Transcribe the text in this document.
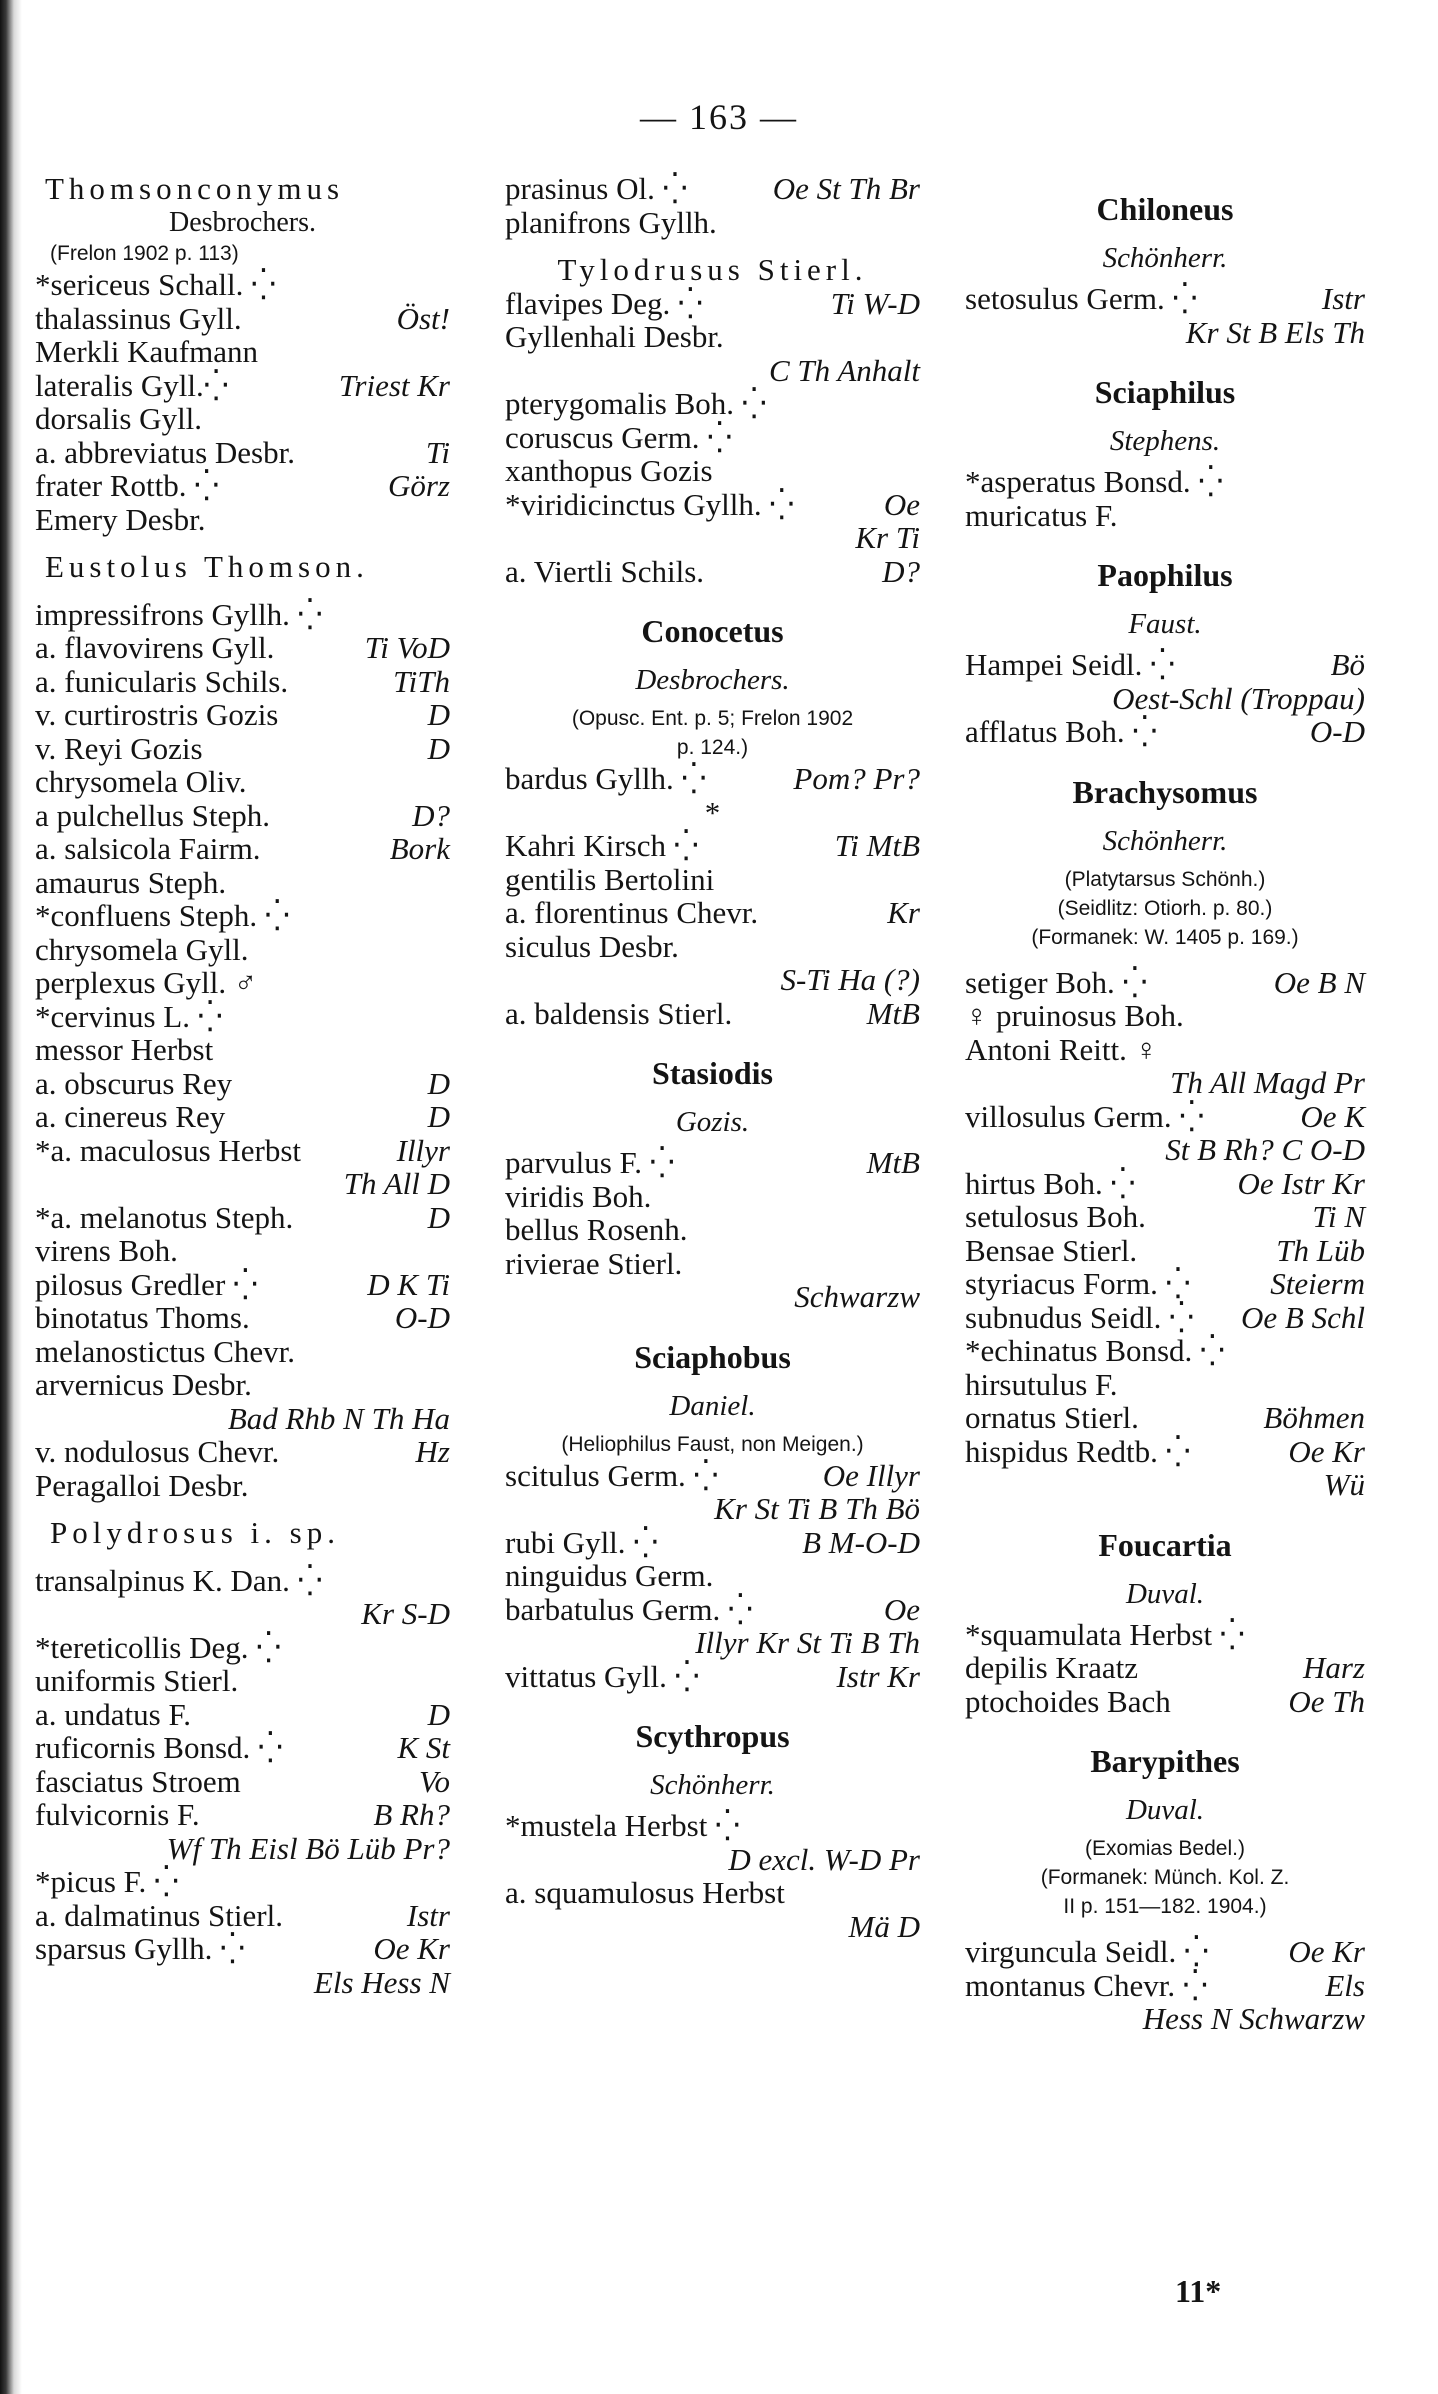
— 163 —
Thomsonconymus
Desbrochers.
(Frelon 1902 p. 113)
*sericeus Schall. ⁛
thalassinus Gyll.	Öst!
Merkli Kaufmann
lateralis Gyll.⁛	Triest Kr
dorsalis Gyll.
a. abbreviatus Desbr.	Ti
frater Rottb. ⁛	Görz
Emery Desbr.
Eustolus Thomson.
impressifrons Gyllh. ⁛
a. flavovirens Gyll.	Ti VoD
a. funicularis Schils.	TiTh
v. curtirostris Gozis	D
v. Reyi Gozis	D
chrysomela Oliv.
a pulchellus Steph.	D?
a. salsicola Fairm.	Bork
amaurus Steph.
*confluens Steph. ⁛
chrysomela Gyll.
perplexus Gyll. ♂
*cervinus L. ⁛
messor Herbst
a. obscurus Rey	D
a. cinereus Rey	D
*a. maculosus Herbst	Illyr
Th All D
*a. melanotus Steph.	D
virens Boh.
pilosus Gredler ⁛	D K Ti
binotatus Thoms.	O-D
melanostictus Chevr.
arvernicus Desbr.
Bad Rhb N Th Ha
v. nodulosus Chevr.	Hz
Peragalloi Desbr.
Polydrosus i. sp.
transalpinus K. Dan. ⁛
Kr S-D
*tereticollis Deg. ⁛
uniformis Stierl.
a. undatus F.	D
ruficornis Bonsd. ⁛	K St
fasciatus Stroem	Vo
fulvicornis F.	B Rh?
Wf Th Eisl Bö Lüb Pr?
*picus F. ⁛
a. dalmatinus Stierl.	Istr
sparsus Gyllh. ⁛	Oe Kr
Els Hess N
prasinus Ol. ⁛	Oe St Th Br
planifrons Gyllh.
Tylodrusus Stierl.
flavipes Deg. ⁛	Ti W-D
Gyllenhali Desbr.
C Th Anhalt
pterygomalis Boh. ⁛
coruscus Germ. ⁛
xanthopus Gozis
*viridicinctus Gyllh. ⁛	Oe
Kr Ti
a. Viertli Schils.	D?
Conocetus
Desbrochers.
(Opusc. Ent. p. 5; Frelon 1902
p. 124.)
bardus Gyllh. ⁛	Pom? Pr?
*
Kahri Kirsch ⁛	Ti MtB
gentilis Bertolini
a. florentinus Chevr.	Kr
siculus Desbr.
S-Ti Ha (?)
a. baldensis Stierl.	MtB
Stasiodis
Gozis.
parvulus F. ⁛	MtB
viridis Boh.
bellus Rosenh.
rivierae Stierl.
Schwarzw
Sciaphobus
Daniel.
(Heliophilus Faust, non Meigen.)
scitulus Germ. ⁛	Oe Illyr
Kr St Ti B Th Bö
rubi Gyll. ⁛	B M-O-D
ninguidus Germ.
barbatulus Germ. ⁛	Oe
Illyr Kr St Ti B Th
vittatus Gyll. ⁛	Istr Kr
Scythropus
Schönherr.
*mustela Herbst ⁛
D excl. W-D Pr
a. squamulosus Herbst
Mä D
Chiloneus
Schönherr.
setosulus Germ. ⁛	Istr
Kr St B Els Th
Sciaphilus
Stephens.
*asperatus Bonsd. ⁛
muricatus F.
Paophilus
Faust.
Hampei Seidl. ⁛	Bö
Oest-Schl (Troppau)
afflatus Boh. ⁛	O-D
Brachysomus
Schönherr.
(Platytarsus Schönh.)
(Seidlitz: Otiorh. p. 80.)
(Formanek: W. 1405 p. 169.)
setiger Boh. ⁛	Oe B N
♀ pruinosus Boh.
Antoni Reitt. ♀
Th All Magd Pr
villosulus Germ. ⁛	Oe K
St B Rh? C O-D
hirtus Boh. ⁛	Oe Istr Kr
setulosus Boh.	Ti N
Bensae Stierl.	Th Lüb
styriacus Form. ⁛	Steierm
subnudus Seidl. ⁛ Oe B Schl
*echinatus Bonsd. ⁛
hirsutulus F.
ornatus Stierl.	Böhmen
hispidus Redtb. ⁛	Oe Kr
Wü
Foucartia
Duval.
*squamulata Herbst ⁛
depilis Kraatz	Harz
ptochoides Bach	Oe Th
Barypithes
Duval.
(Exomias Bedel.)
(Formanek: Münch. Kol. Z.
II p. 151—182. 1904.)
virguncula Seidl. ⁛	Oe Kr
montanus Chevr. ⁛	Els
Hess N Schwarzw
11*
